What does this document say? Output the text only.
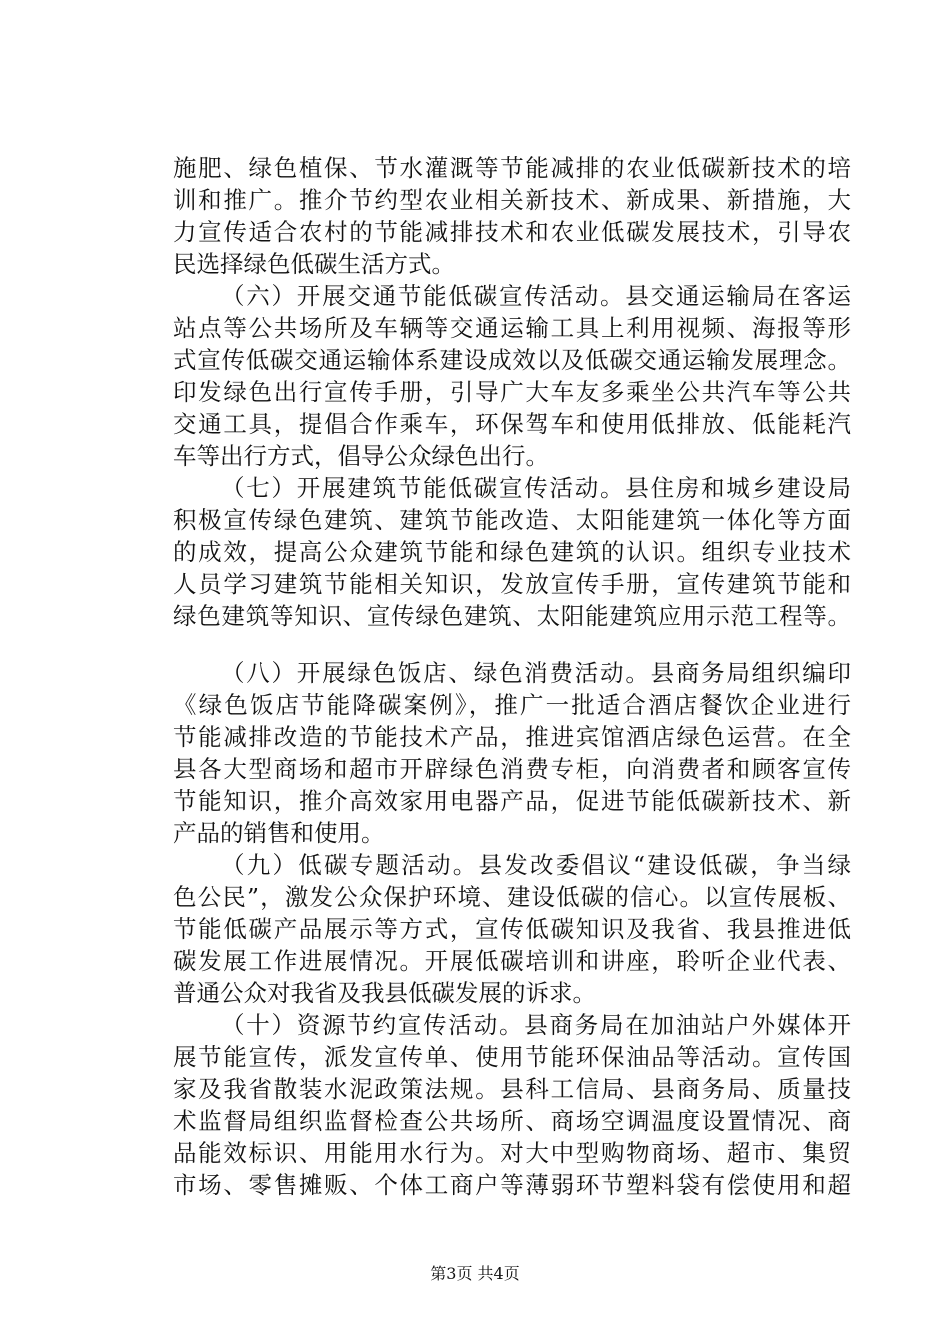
施肥、绿色植保、节水灌溉等节能减排的农业低碳新技术的培
训和推广。推介节约型农业相关新技术、新成果、新措施，大
力宣传适合农村的节能减排技术和农业低碳发展技术，引导农
民选择绿色低碳生活方式。
（六）开展交通节能低碳宣传活动。县交通运输局在客运
站点等公共场所及车辆等交通运输工具上利用视频、海报等形
式宣传低碳交通运输体系建设成效以及低碳交通运输发展理念。
印发绿色出行宣传手册，引导广大车友多乘坐公共汽车等公共
交通工具，提倡合作乘车，环保驾车和使用低排放、低能耗汽
车等出行方式，倡导公众绿色出行。
（七）开展建筑节能低碳宣传活动。县住房和城乡建设局
积极宣传绿色建筑、建筑节能改造、太阳能建筑一体化等方面
的成效，提高公众建筑节能和绿色建筑的认识。组织专业技术
人员学习建筑节能相关知识，发放宣传手册，宣传建筑节能和
绿色建筑等知识、宣传绿色建筑、太阳能建筑应用示范工程等。
（八）开展绿色饭店、绿色消费活动。县商务局组织编印
《绿色饭店节能降碳案例》，推广一批适合酒店餐饮企业进行
节能减排改造的节能技术产品，推进宾馆酒店绿色运营。在全
县各大型商场和超市开辟绿色消费专柜，向消费者和顾客宣传
节能知识，推介高效家用电器产品，促进节能低碳新技术、新
产品的销售和使用。
（九）低碳专题活动。县发改委倡议“建设低碳，争当绿
色公民”，激发公众保护环境、建设低碳的信心。以宣传展板、
节能低碳产品展示等方式，宣传低碳知识及我省、我县推进低
碳发展工作进展情况。开展低碳培训和讲座，聆听企业代表、
普通公众对我省及我县低碳发展的诉求。
（十）资源节约宣传活动。县商务局在加油站户外媒体开
展节能宣传，派发宣传单、使用节能环保油品等活动。宣传国
家及我省散装水泥政策法规。县科工信局、县商务局、质量技
术监督局组织监督检查公共场所、商场空调温度设置情况、商
品能效标识、用能用水行为。对大中型购物商场、超市、集贸
市场、零售摊贩、个体工商户等薄弱环节塑料袋有偿使用和超
第3页 共4页
